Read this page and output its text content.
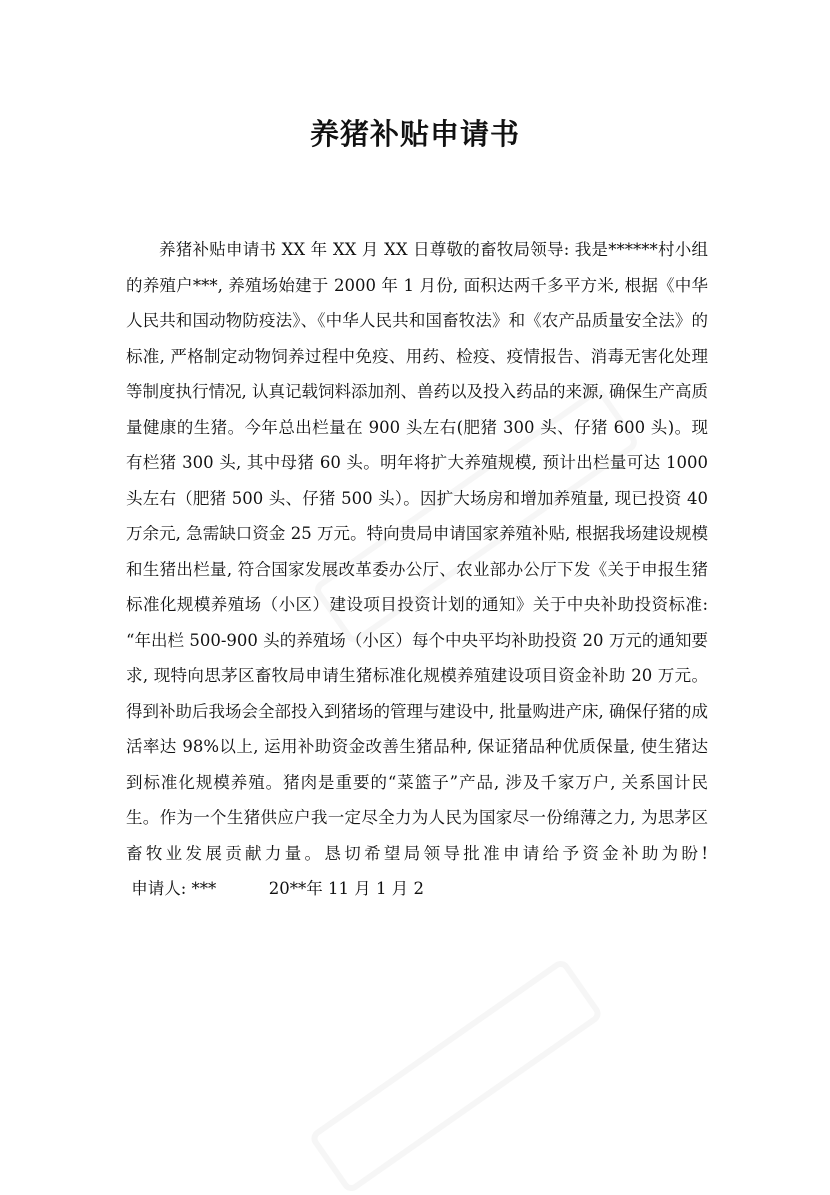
养猪补贴申请书

养猪补贴申请书 XX 年 XX 月 XX 日尊敬的畜牧局领导: 我是******村小组的养殖户***, 养殖场始建于 2000 年 1 月份, 面积达两千多平方米, 根据《中华人民共和国动物防疫法》、《中华人民共和国畜牧法》和《农产品质量安全法》的标准, 严格制定动物饲养过程中免疫、用药、检疫、疫情报告、消毒无害化处理等制度执行情况, 认真记载饲料添加剂、兽药以及投入药品的来源, 确保生产高质量健康的生猪。今年总出栏量在 900 头左右(肥猪 300 头、仔猪 600 头)。现有栏猪 300 头, 其中母猪 60 头。明年将扩大养殖规模, 预计出栏量可达 1000 头左右（肥猪 500 头、仔猪 500 头）。因扩大场房和增加养殖量, 现已投资 40 万余元, 急需缺口资金 25 万元。特向贵局申请国家养殖补贴, 根据我场建设规模和生猪出栏量, 符合国家发展改革委办公厅、农业部办公厅下发《关于申报生猪标准化规模养殖场（小区）建设项目投资计划的通知》关于中央补助投资标准: “年出栏 500-900 头的养殖场（小区）每个中央平均补助投资 20 万元的通知要求, 现特向思茅区畜牧局申请生猪标准化规模养殖建设项目资金补助 20 万元。得到补助后我场会全部投入到猪场的管理与建设中, 批量购进产床, 确保仔猪的成活率达 98%以上, 运用补助资金改善生猪品种, 保证猪品种优质保量, 使生猪达到标准化规模养殖。猪肉是重要的“菜篮子”产品, 涉及千家万户, 关系国计民生。作为一个生猪供应户我一定尽全力为人民为国家尽一份绵薄之力, 为思茅区畜牧业发展贡献力量。恳切希望局领导批准申请给予资金补助为盼! 申请人: ***          20**年 11 月 1 月 2
